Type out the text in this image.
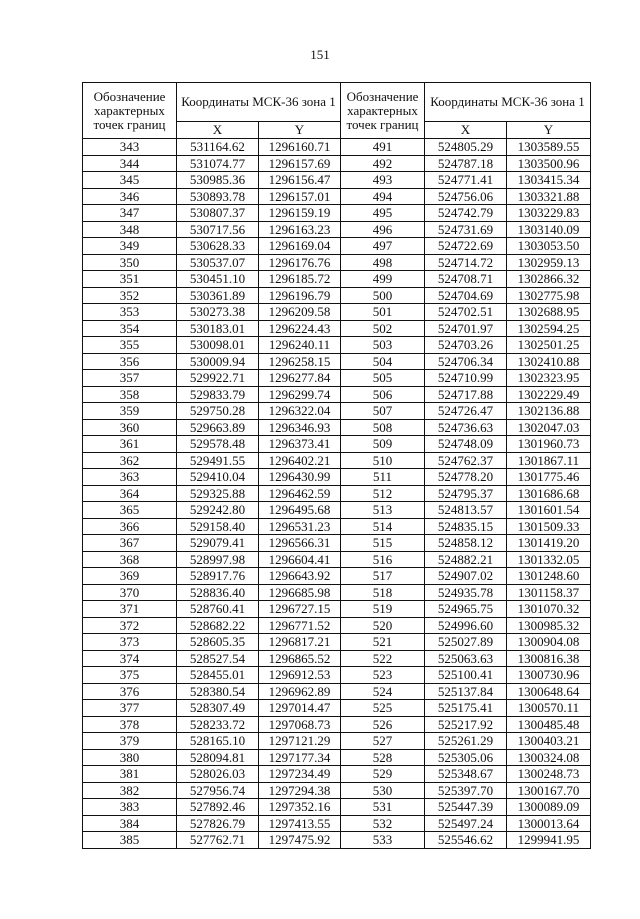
151
Обозначение характерных точек границ	Координаты МСК-36 зона 1		Обозначение характерных точек границ	Координаты МСК-36 зона 1	
	X	Y		X	Y
343	531164.62	1296160.71	491	524805.29	1303589.55
344	531074.77	1296157.69	492	524787.18	1303500.96
345	530985.36	1296156.47	493	524771.41	1303415.34
346	530893.78	1296157.01	494	524756.06	1303321.88
347	530807.37	1296159.19	495	524742.79	1303229.83
348	530717.56	1296163.23	496	524731.69	1303140.09
349	530628.33	1296169.04	497	524722.69	1303053.50
350	530537.07	1296176.76	498	524714.72	1302959.13
351	530451.10	1296185.72	499	524708.71	1302866.32
352	530361.89	1296196.79	500	524704.69	1302775.98
353	530273.38	1296209.58	501	524702.51	1302688.95
354	530183.01	1296224.43	502	524701.97	1302594.25
355	530098.01	1296240.11	503	524703.26	1302501.25
356	530009.94	1296258.15	504	524706.34	1302410.88
357	529922.71	1296277.84	505	524710.99	1302323.95
358	529833.79	1296299.74	506	524717.88	1302229.49
359	529750.28	1296322.04	507	524726.47	1302136.88
360	529663.89	1296346.93	508	524736.63	1302047.03
361	529578.48	1296373.41	509	524748.09	1301960.73
362	529491.55	1296402.21	510	524762.37	1301867.11
363	529410.04	1296430.99	511	524778.20	1301775.46
364	529325.88	1296462.59	512	524795.37	1301686.68
365	529242.80	1296495.68	513	524813.57	1301601.54
366	529158.40	1296531.23	514	524835.15	1301509.33
367	529079.41	1296566.31	515	524858.12	1301419.20
368	528997.98	1296604.41	516	524882.21	1301332.05
369	528917.76	1296643.92	517	524907.02	1301248.60
370	528836.40	1296685.98	518	524935.78	1301158.37
371	528760.41	1296727.15	519	524965.75	1301070.32
372	528682.22	1296771.52	520	524996.60	1300985.32
373	528605.35	1296817.21	521	525027.89	1300904.08
374	528527.54	1296865.52	522	525063.63	1300816.38
375	528455.01	1296912.53	523	525100.41	1300730.96
376	528380.54	1296962.89	524	525137.84	1300648.64
377	528307.49	1297014.47	525	525175.41	1300570.11
378	528233.72	1297068.73	526	525217.92	1300485.48
379	528165.10	1297121.29	527	525261.29	1300403.21
380	528094.81	1297177.34	528	525305.06	1300324.08
381	528026.03	1297234.49	529	525348.67	1300248.73
382	527956.74	1297294.38	530	525397.70	1300167.70
383	527892.46	1297352.16	531	525447.39	1300089.09
384	527826.79	1297413.55	532	525497.24	1300013.64
385	527762.71	1297475.92	533	525546.62	1299941.95
